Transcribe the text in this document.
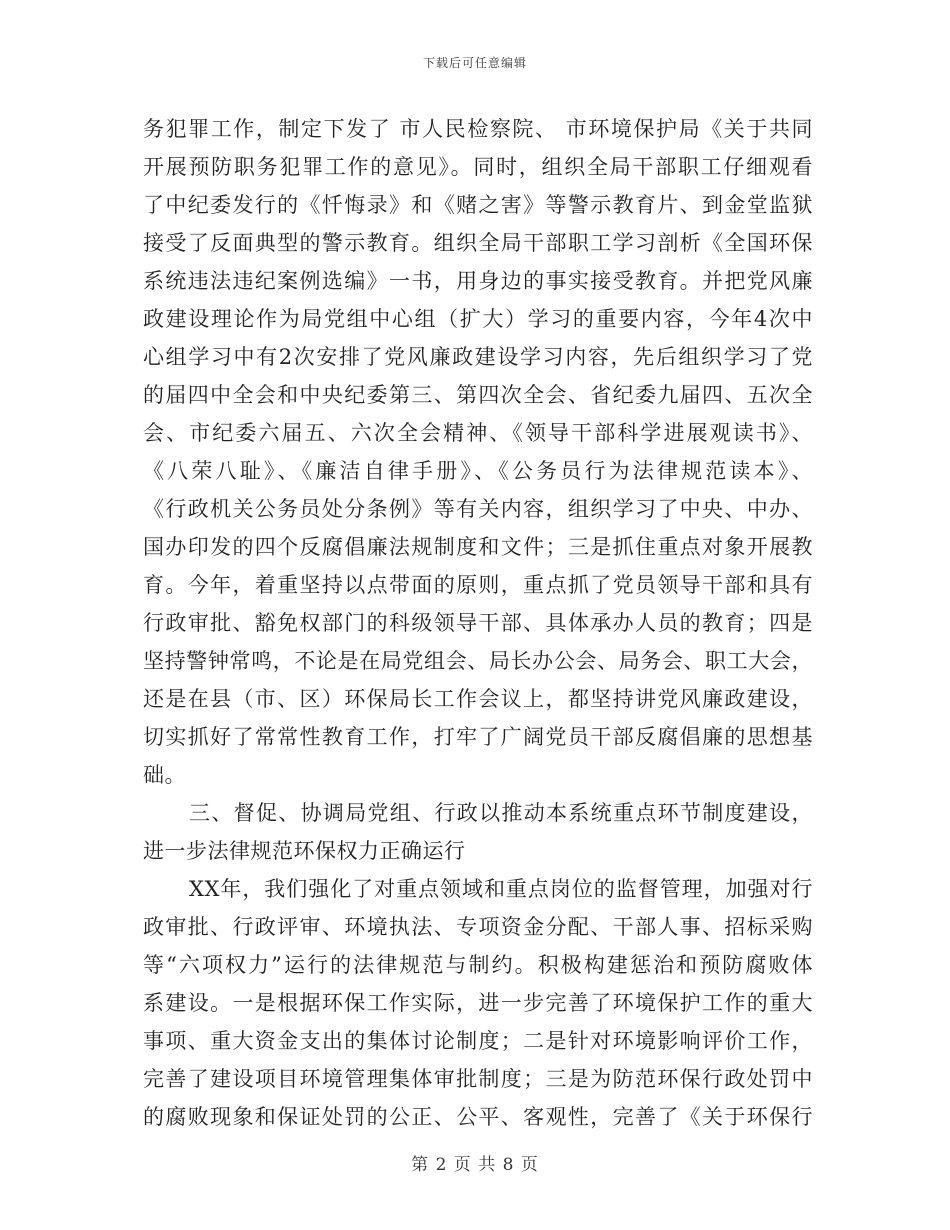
下载后可任意编辑
务犯罪工作，制定下发了 市人民检察院、 市环境保护局《关于共同
开展预防职务犯罪工作的意见》。同时，组织全局干部职工仔细观看
了中纪委发行的《忏悔录》和《赌之害》等警示教育片、到金堂监狱
接受了反面典型的警示教育。组织全局干部职工学习剖析《全国环保
系统违法违纪案例选编》一书，用身边的事实接受教育。并把党风廉
政建设理论作为局党组中心组（扩大）学习的重要内容，今年4次中
心组学习中有2次安排了党风廉政建设学习内容，先后组织学习了党
的届四中全会和中央纪委第三、第四次全会、省纪委九届四、五次全
会、市纪委六届五、六次全会精神、《领导干部科学进展观读书》、
《八荣八耻》、《廉洁自律手册》、《公务员行为法律规范读本》、
《行政机关公务员处分条例》等有关内容，组织学习了中央、中办、
国办印发的四个反腐倡廉法规制度和文件；三是抓住重点对象开展教
育。今年，着重坚持以点带面的原则，重点抓了党员领导干部和具有
行政审批、豁免权部门的科级领导干部、具体承办人员的教育；四是
坚持警钟常鸣，不论是在局党组会、局长办公会、局务会、职工大会，
还是在县（市、区）环保局长工作会议上，都坚持讲党风廉政建设，
切实抓好了常常性教育工作，打牢了广阔党员干部反腐倡廉的思想基
础。
三、督促、协调局党组、行政以推动本系统重点环节制度建设，
进一步法律规范环保权力正确运行
XX年，我们强化了对重点领域和重点岗位的监督管理，加强对行
政审批、行政评审、环境执法、专项资金分配、干部人事、招标采购
等“六项权力”运行的法律规范与制约。积极构建惩治和预防腐败体
系建设。一是根据环保工作实际，进一步完善了环境保护工作的重大
事项、重大资金支出的集体讨论制度；二是针对环境影响评价工作，
完善了建设项目环境管理集体审批制度；三是为防范环保行政处罚中
的腐败现象和保证处罚的公正、公平、客观性，完善了《关于环保行
第 2 页 共 8 页
